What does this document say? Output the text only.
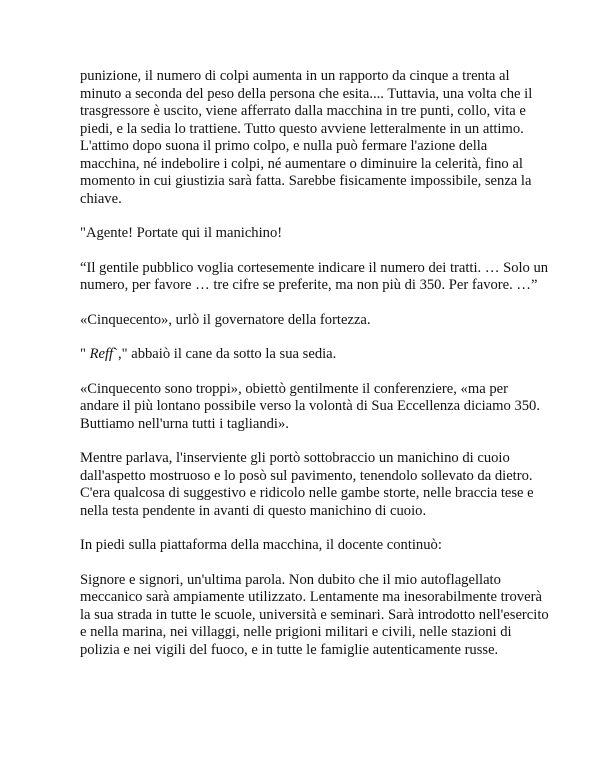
punizione, il numero di colpi aumenta in un rapporto da cinque a trenta al minuto a seconda del peso della persona che esita.... Tuttavia, una volta che il trasgressore è uscito, viene afferrato dalla macchina in tre punti, collo, vita e piedi, e la sedia lo trattiene. Tutto questo avviene letteralmente in un attimo. L'attimo dopo suona il primo colpo, e nulla può fermare l'azione della macchina, né indebolire i colpi, né aumentare o diminuire la celerità, fino al momento in cui giustizia sarà fatta. Sarebbe fisicamente impossibile, senza la chiave.

"Agente! Portate qui il manichino!

“Il gentile pubblico voglia cortesemente indicare il numero dei tratti. … Solo un numero, per favore … tre cifre se preferite, ma non più di 350. Per favore. …”

«Cinquecento», urlò il governatore della fortezza.

" Reff`," abbaiò il cane da sotto la sua sedia.

«Cinquecento sono troppi», obiettò gentilmente il conferenziere, «ma per andare il più lontano possibile verso la volontà di Sua Eccellenza diciamo 350. Buttiamo nell'urna tutti i tagliandi».

Mentre parlava, l'inserviente gli portò sottobraccio un manichino di cuoio dall'aspetto mostruoso e lo posò sul pavimento, tenendolo sollevato da dietro. C'era qualcosa di suggestivo e ridicolo nelle gambe storte, nelle braccia tese e nella testa pendente in avanti di questo manichino di cuoio.

In piedi sulla piattaforma della macchina, il docente continuò:

Signore e signori, un'ultima parola. Non dubito che il mio autoflagellato meccanico sarà ampiamente utilizzato. Lentamente ma inesorabilmente troverà la sua strada in tutte le scuole, università e seminari. Sarà introdotto nell'esercito e nella marina, nei villaggi, nelle prigioni militari e civili, nelle stazioni di polizia e nei vigili del fuoco, e in tutte le famiglie autenticamente russe.
